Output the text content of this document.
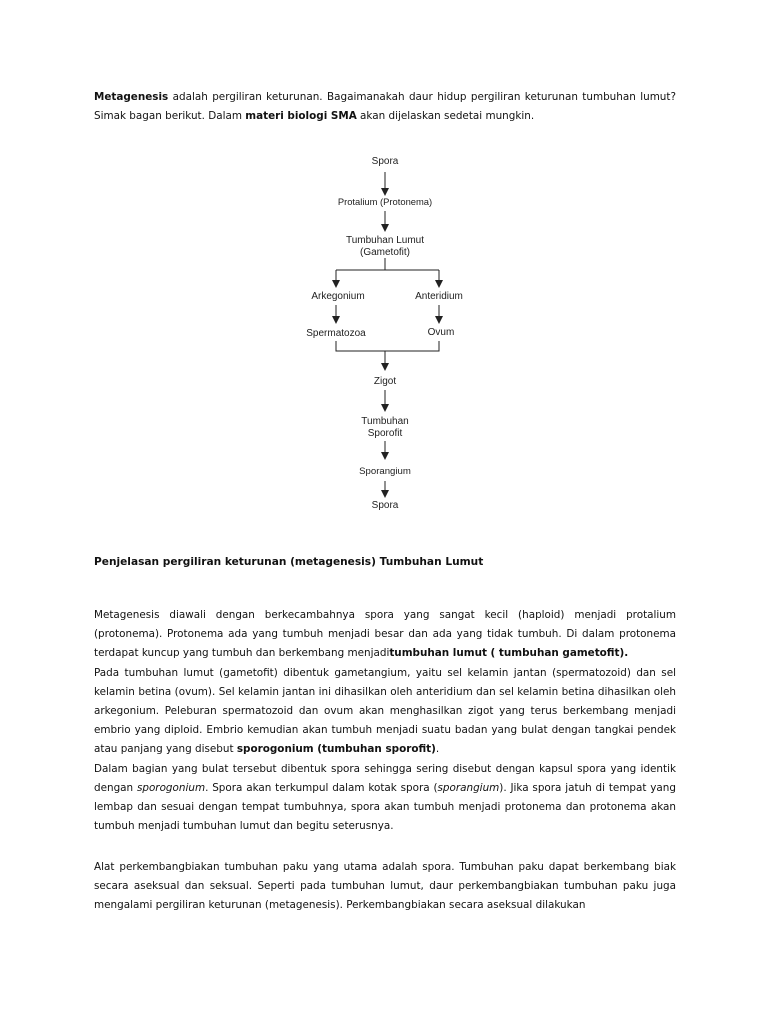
Metagenesis adalah pergiliran keturunan. Bagaimanakah daur hidup pergiliran keturunan tumbuhan lumut? Simak bagan berikut. Dalam materi biologi SMA akan dijelaskan sedetai mungkin.

Spora
Protalium (Protonema)
Tumbuhan Lumut
(Gametofit)
Arkegonium	Anteridium
Spermatozoa	Ovum
Zigot
Tumbuhan
Sporofit
Sporangium
Spora

Penjelasan pergiliran keturunan (metagenesis) Tumbuhan Lumut

Metagenesis diawali dengan berkecambahnya spora yang sangat kecil (haploid) menjadi protalium (protonema). Protonema ada yang tumbuh menjadi besar dan ada yang tidak tumbuh. Di dalam protonema terdapat kuncup yang tumbuh dan berkembang menjaditumbuhan lumut ( tumbuhan gametofit).
Pada tumbuhan lumut (gametofit) dibentuk gametangium, yaitu sel kelamin jantan (spermatozoid) dan sel kelamin betina (ovum). Sel kelamin jantan ini dihasilkan oleh anteridium dan sel kelamin betina dihasilkan oleh arkegonium. Peleburan spermatozoid dan ovum akan menghasilkan zigot yang terus berkembang menjadi embrio yang diploid. Embrio kemudian akan tumbuh menjadi suatu badan yang bulat dengan tangkai pendek atau panjang yang disebut sporogonium (tumbuhan sporofit).
Dalam bagian yang bulat tersebut dibentuk spora sehingga sering disebut dengan kapsul spora yang identik dengan sporogonium. Spora akan terkumpul dalam kotak spora (sporangium). Jika spora jatuh di tempat yang lembap dan sesuai dengan tempat tumbuhnya, spora akan tumbuh menjadi protonema dan protonema akan tumbuh menjadi tumbuhan lumut dan begitu seterusnya.

Alat perkembangbiakan tumbuhan paku yang utama adalah spora. Tumbuhan paku dapat berkembang biak secara aseksual dan seksual. Seperti pada tumbuhan lumut, daur perkembangbiakan tumbuhan paku juga mengalami pergiliran keturunan (metagenesis). Perkembangbiakan secara aseksual dilakukan
